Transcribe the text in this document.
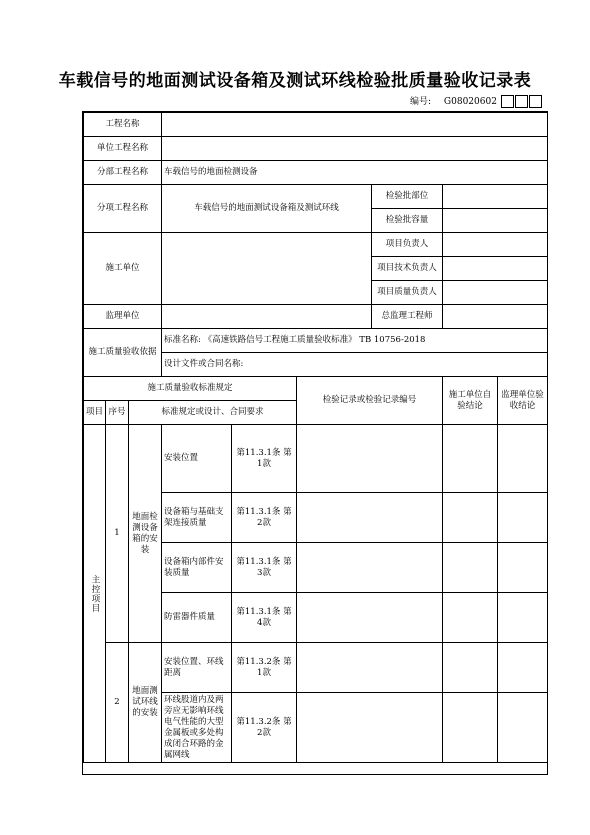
车载信号的地面测试设备箱及测试环线检验批质量验收记录表
编号: G08020602
工程名称								
单位工程名称								
分部工程名称			车载信号的地面检测设备					
分项工程名称			车载信号的地面测试设备箱及测试环线			检验批部位		
						检验批容量		
施工单位						项目负责人		
						项目技术负责人		
						项目质量负责人		
监理单位						总监理工程师		
施工质量验收依据			标准名称: 《高速铁路信号工程施工质量验收标准》 TB 10756-2018					
			设计文件或合同名称:					
施工质量验收标准规定					检验记录或检验记录编号		施工单位自验结论	监理单位验收结论
项目	序号	标准规定或设计、合同要求						

主控项目	1	地面检测设备箱的安装	安装位置	第11.3.1条 第1款				
			设备箱与基础支架连接质量	第11.3.1条 第2款				
			设备箱内部件安装质量	第11.3.1条 第3款				
			防雷器件质量	第11.3.1条 第4款				
	2	地面测试环线的安装	安装位置、环线距离	第11.3.2条 第1款				
			环线股道内及两旁应无影响环线电气性能的大型金属板或多处构成闭合环路的金属网线	第11.3.2条 第2款				
